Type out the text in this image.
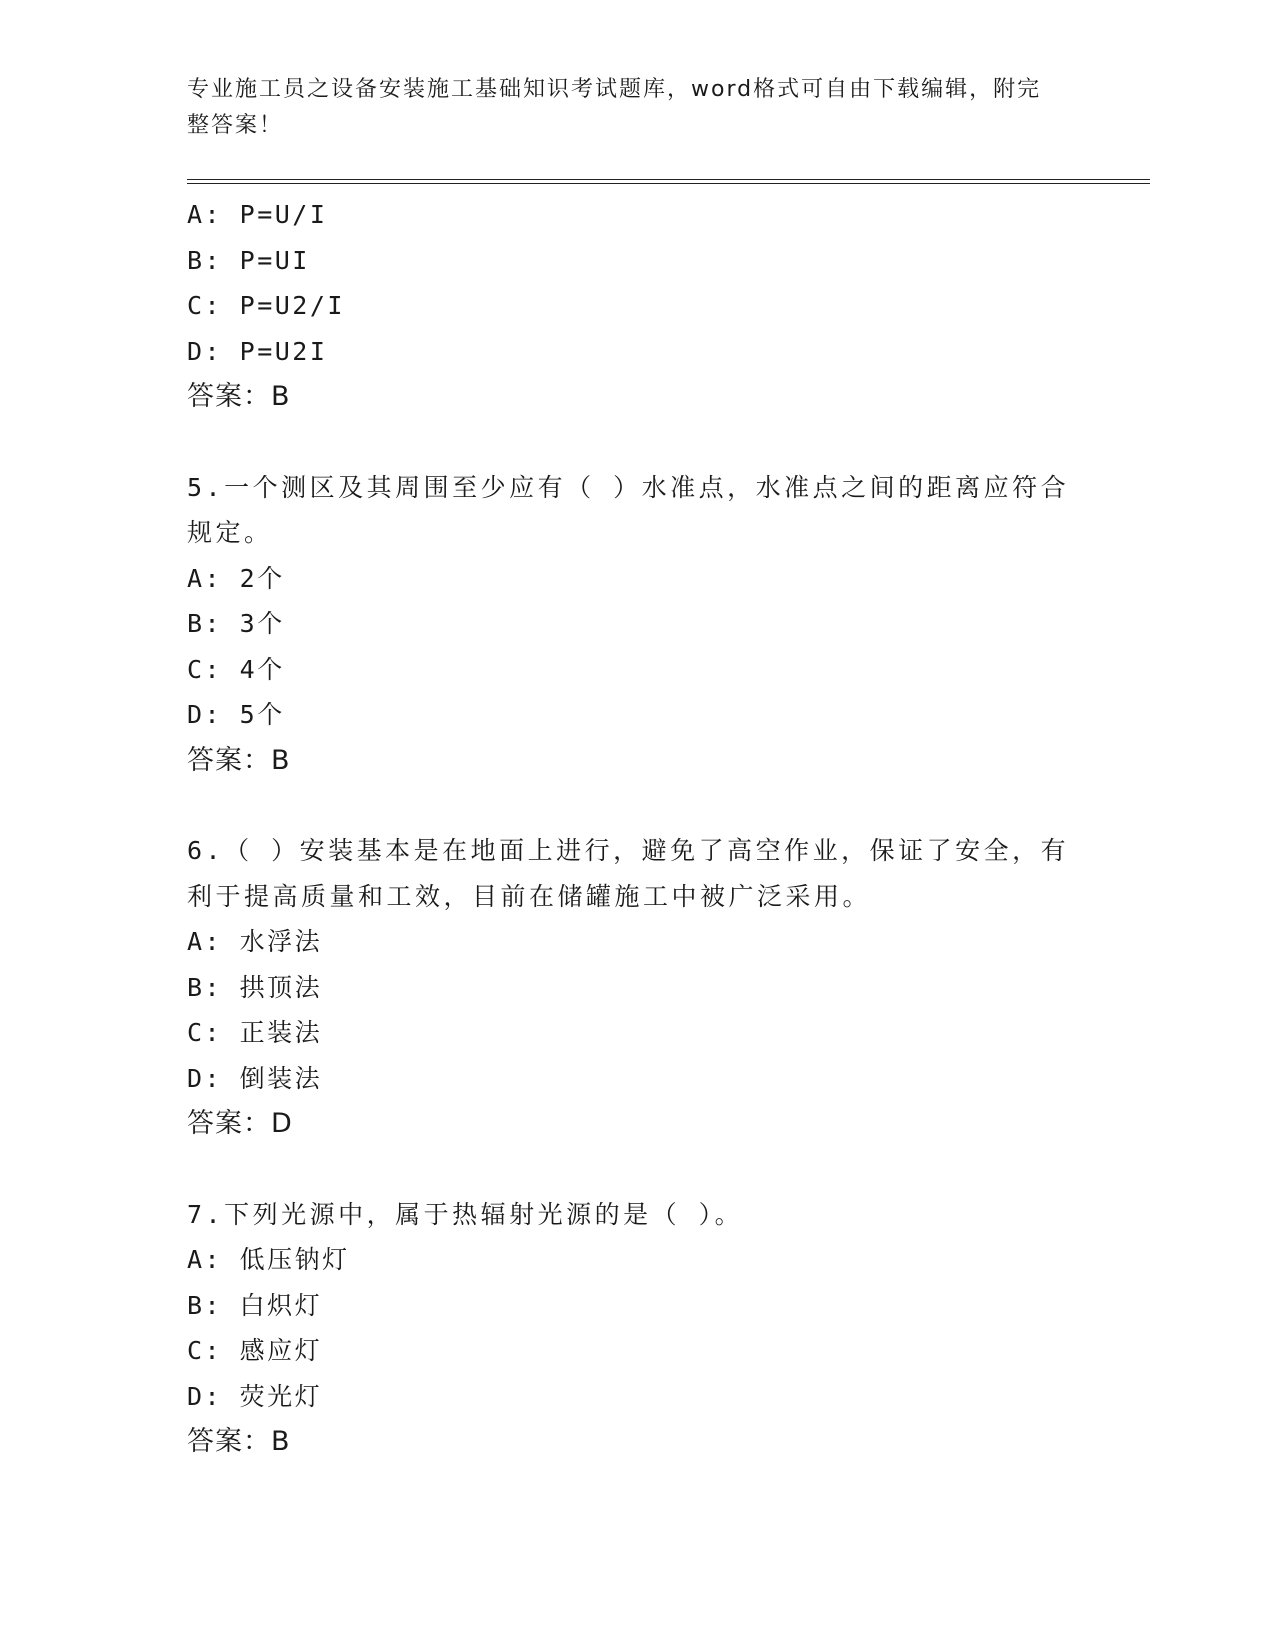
专业施工员之设备安装施工基础知识考试题库，word格式可自由下载编辑，附完
整答案！
A: P=U/I
B: P=UI
C: P=U2/I
D: P=U2I
答案：B
5.一个测区及其周围至少应有（ ）水准点，水准点之间的距离应符合
规定。
A: 2个
B: 3个
C: 4个
D: 5个
答案：B
6.（ ）安装基本是在地面上进行，避免了高空作业，保证了安全，有
利于提高质量和工效，目前在储罐施工中被广泛采用。
A: 水浮法
B: 拱顶法
C: 正装法
D: 倒装法
答案：D
7.下列光源中，属于热辐射光源的是（ ）。
A: 低压钠灯
B: 白炽灯
C: 感应灯
D: 荧光灯
答案：B
